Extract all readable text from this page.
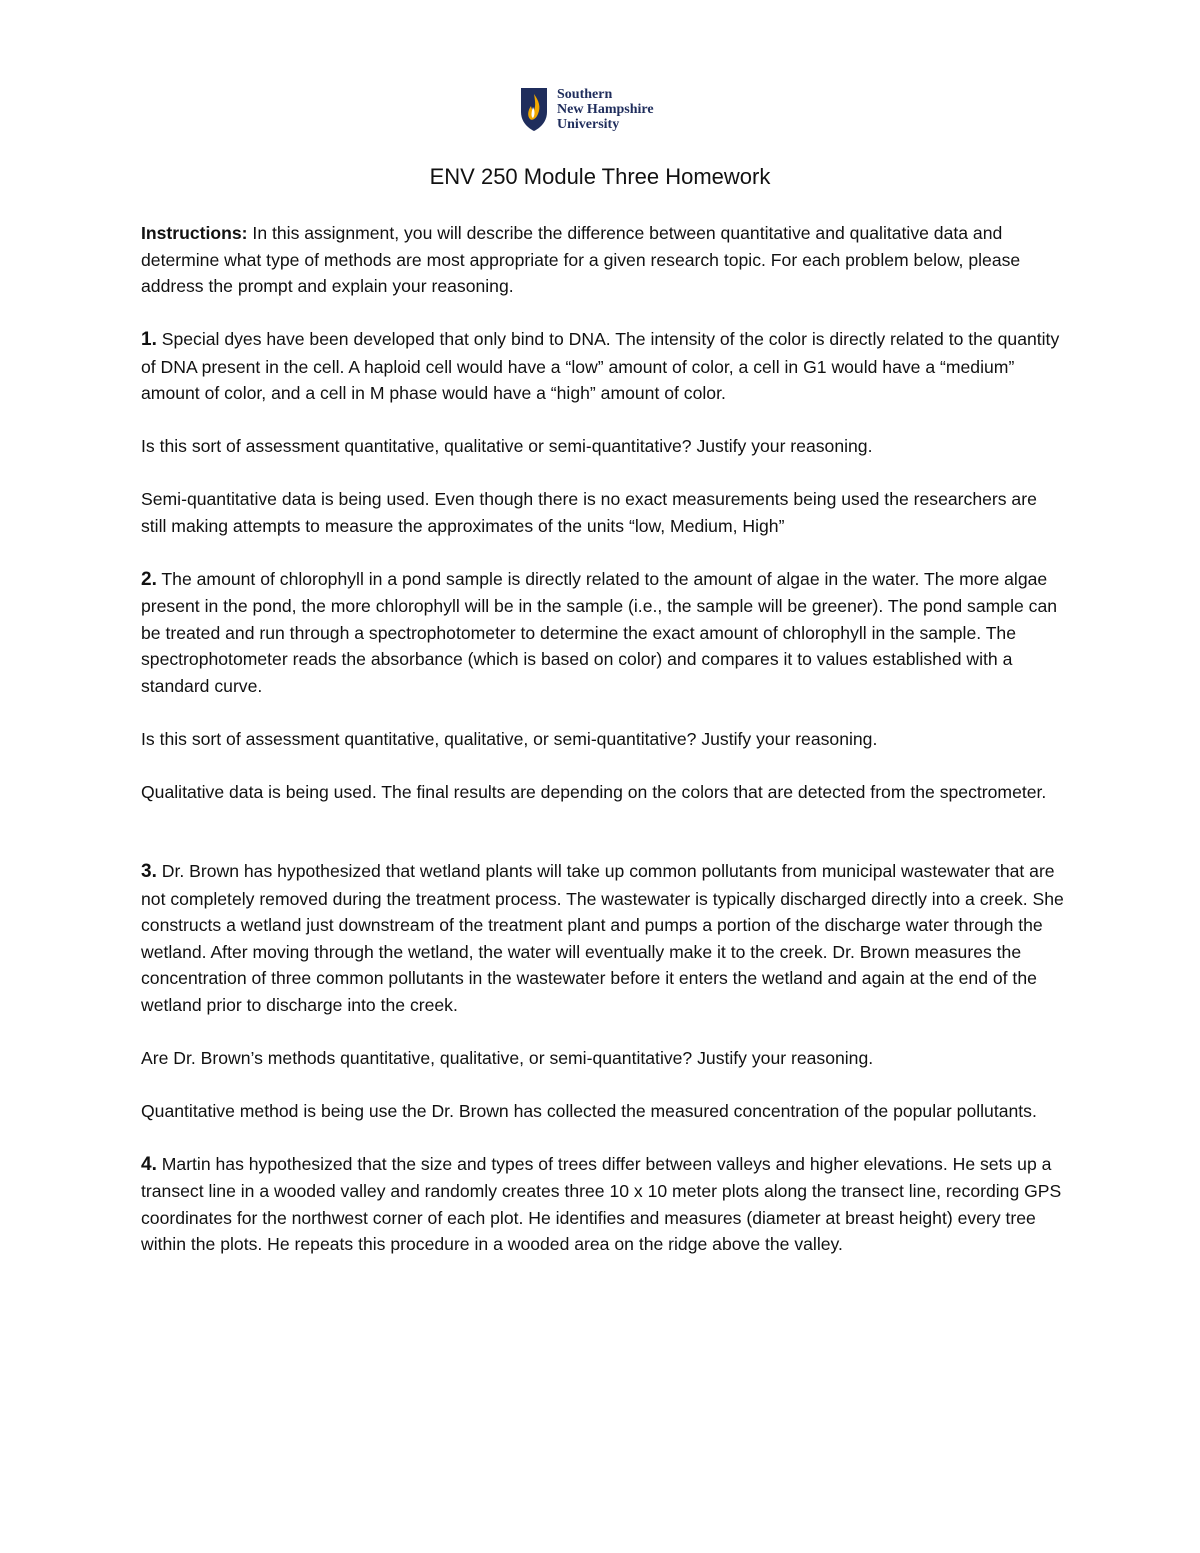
Southern
New Hampshire
University
ENV 250 Module Three Homework

Instructions: In this assignment, you will describe the difference between quantitative and qualitative data and determine what type of methods are most appropriate for a given research topic. For each problem below, please address the prompt and explain your reasoning.

1. Special dyes have been developed that only bind to DNA. The intensity of the color is directly related to the quantity of DNA present in the cell. A haploid cell would have a “low” amount of color, a cell in G1 would have a “medium” amount of color, and a cell in M phase would have a “high” amount of color.

Is this sort of assessment quantitative, qualitative or semi-quantitative? Justify your reasoning.

Semi-quantitative data is being used. Even though there is no exact measurements being used the researchers are still making attempts to measure the approximates of the units “low, Medium, High”

2. The amount of chlorophyll in a pond sample is directly related to the amount of algae in the water. The more algae present in the pond, the more chlorophyll will be in the sample (i.e., the sample will be greener). The pond sample can be treated and run through a spectrophotometer to determine the exact amount of chlorophyll in the sample. The spectrophotometer reads the absorbance (which is based on color) and compares it to values established with a standard curve.

Is this sort of assessment quantitative, qualitative, or semi-quantitative? Justify your reasoning.

Qualitative data is being used. The final results are depending on the colors that are detected from the spectrometer.

3. Dr. Brown has hypothesized that wetland plants will take up common pollutants from municipal wastewater that are not completely removed during the treatment process. The wastewater is typically discharged directly into a creek. She constructs a wetland just downstream of the treatment plant and pumps a portion of the discharge water through the wetland. After moving through the wetland, the water will eventually make it to the creek. Dr. Brown measures the concentration of three common pollutants in the wastewater before it enters the wetland and again at the end of the wetland prior to discharge into the creek.

Are Dr. Brown’s methods quantitative, qualitative, or semi-quantitative? Justify your reasoning.

Quantitative method is being use the Dr. Brown has collected the measured concentration of the popular pollutants.

4. Martin has hypothesized that the size and types of trees differ between valleys and higher elevations. He sets up a transect line in a wooded valley and randomly creates three 10 x 10 meter plots along the transect line, recording GPS coordinates for the northwest corner of each plot. He identifies and measures (diameter at breast height) every tree within the plots. He repeats this procedure in a wooded area on the ridge above the valley.
